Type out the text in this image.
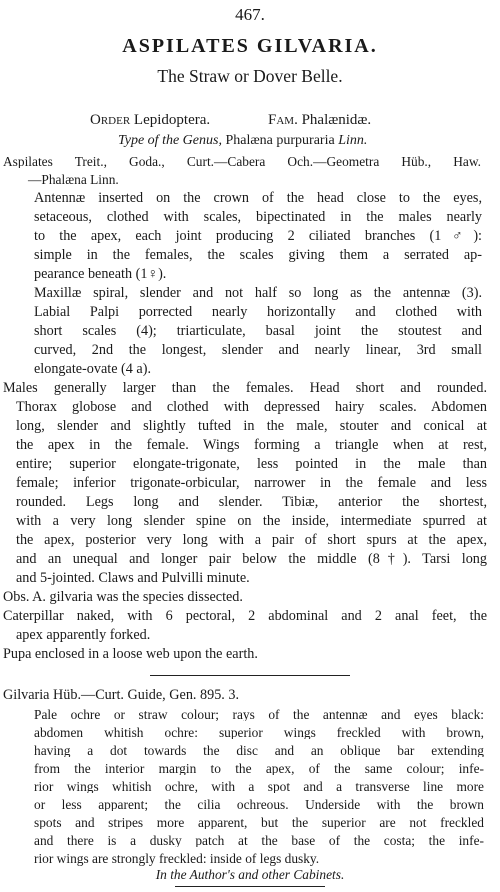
467.
ASPILATES GILVARIA.
The Straw or Dover Belle.
Order Lepidoptera.	Fam. Phalænidæ.
Type of the Genus, Phalæna purpuraria Linn.
Aspilates Treit., Goda., Curt.—Cabera Och.—Geometra Hüb., Haw.
—Phalæna Linn.
Antennæ inserted on the crown of the head close to the eyes,
setaceous, clothed with scales, bipectinated in the males nearly
to the apex, each joint producing 2 ciliated branches (1♂):
simple in the females, the scales giving them a serrated ap-
pearance beneath (1♀).
Maxillæ spiral, slender and not half so long as the antennæ (3).
Labial Palpi porrected nearly horizontally and clothed with
short scales (4); triarticulate, basal joint the stoutest and
curved, 2nd the longest, slender and nearly linear, 3rd small
elongate-ovate (4 a).
Males generally larger than the females. Head short and rounded.
Thorax globose and clothed with depressed hairy scales. Abdomen
long, slender and slightly tufted in the male, stouter and conical at
the apex in the female. Wings forming a triangle when at rest,
entire; superior elongate-trigonate, less pointed in the male than
female; inferior trigonate-orbicular, narrower in the female and less
rounded. Legs long and slender. Tibiæ, anterior the shortest,
with a very long slender spine on the inside, intermediate spurred at
the apex, posterior very long with a pair of short spurs at the apex,
and an unequal and longer pair below the middle (8†). Tarsi long
and 5-jointed. Claws and Pulvilli minute.
Obs. A. gilvaria was the species dissected.
Caterpillar naked, with 6 pectoral, 2 abdominal and 2 anal feet, the
apex apparently forked.
Pupa enclosed in a loose web upon the earth.
Gilvaria Hüb.—Curt. Guide, Gen. 895. 3.
Pale ochre or straw colour; rays of the antennæ and eyes black:
abdomen whitish ochre: superior wings freckled with brown,
having a dot towards the disc and an oblique bar extending
from the interior margin to the apex, of the same colour; infe-
rior wings whitish ochre, with a spot and a transverse line more
or less apparent; the cilia ochreous. Underside with the brown
spots and stripes more apparent, but the superior are not freckled
and there is a dusky patch at the base of the costa; the infe-
rior wings are strongly freckled: inside of legs dusky.
In the Author's and other Cabinets.
